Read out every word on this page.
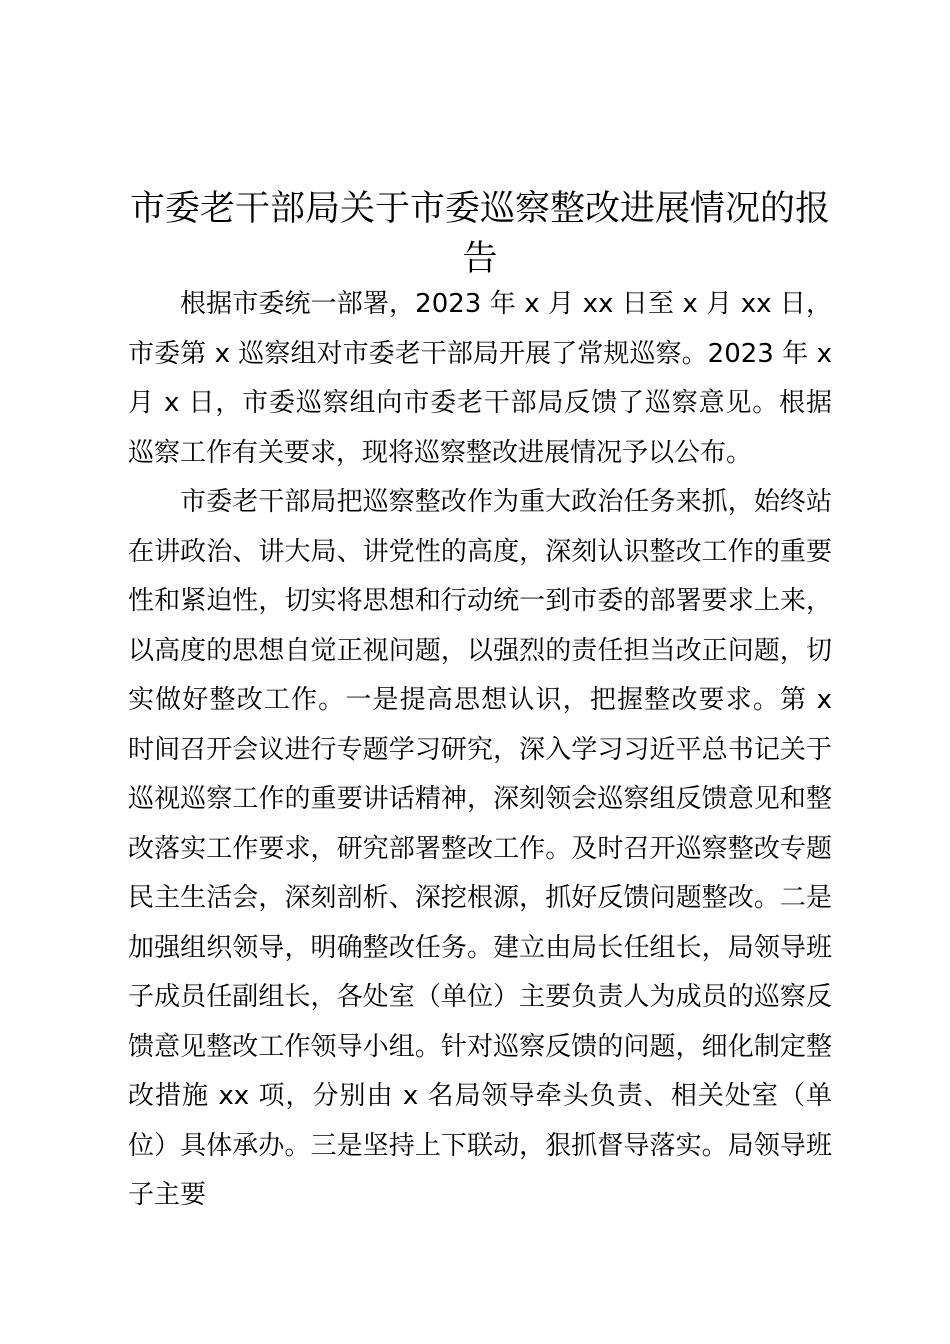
市委老干部局关于市委巡察整改进展情况的报告

根据市委统一部署，2023 年 x 月 xx 日至 x 月 xx 日，市委第 x 巡察组对市委老干部局开展了常规巡察。2023 年 x 月 x 日，市委巡察组向市委老干部局反馈了巡察意见。根据巡察工作有关要求，现将巡察整改进展情况予以公布。

市委老干部局把巡察整改作为重大政治任务来抓，始终站在讲政治、讲大局、讲党性的高度，深刻认识整改工作的重要性和紧迫性，切实将思想和行动统一到市委的部署要求上来，以高度的思想自觉正视问题，以强烈的责任担当改正问题，切实做好整改工作。一是提高思想认识，把握整改要求。第 x 时间召开会议进行专题学习研究，深入学习习近平总书记关于巡视巡察工作的重要讲话精神，深刻领会巡察组反馈意见和整改落实工作要求，研究部署整改工作。及时召开巡察整改专题民主生活会，深刻剖析、深挖根源，抓好反馈问题整改。二是加强组织领导，明确整改任务。建立由局长任组长，局领导班子成员任副组长，各处室（单位）主要负责人为成员的巡察反馈意见整改工作领导小组。针对巡察反馈的问题，细化制定整改措施 xx 项，分别由 x 名局领导牵头负责、相关处室（单位）具体承办。三是坚持上下联动，狠抓督导落实。局领导班子主要
